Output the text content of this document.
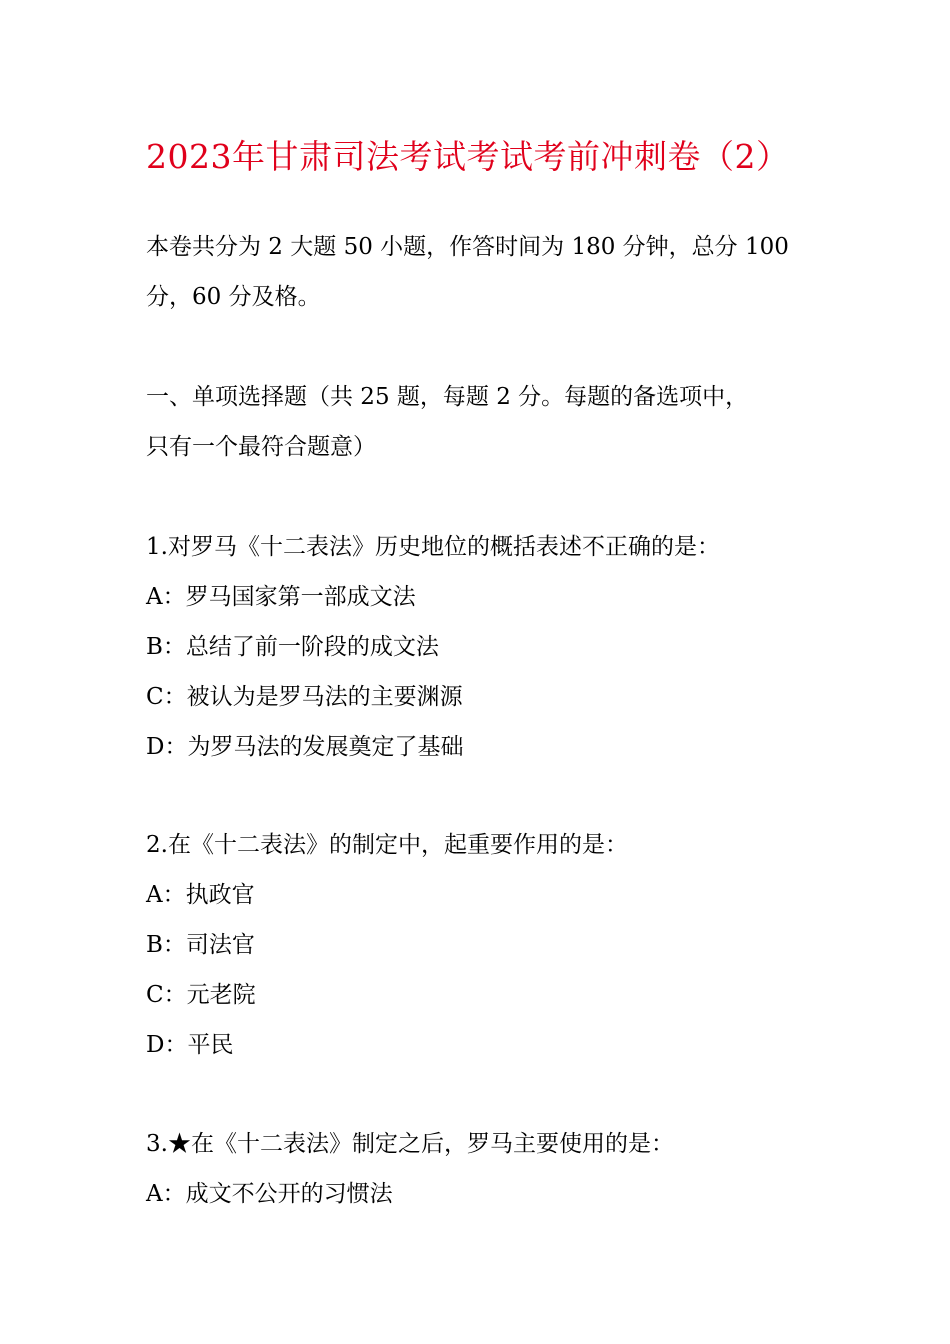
2023年甘肃司法考试考试考前冲刺卷（2）
本卷共分为 2 大题 50 小题，作答时间为 180 分钟，总分 100
分，60 分及格。
一、单项选择题（共 25 题，每题 2 分。每题的备选项中，
只有一个最符合题意）
1.对罗马《十二表法》历史地位的概括表述不正确的是：
A：罗马国家第一部成文法
B：总结了前一阶段的成文法
C：被认为是罗马法的主要渊源
D：为罗马法的发展奠定了基础
2.在《十二表法》的制定中，起重要作用的是：
A：执政官
B：司法官
C：元老院
D：平民
3.★在《十二表法》制定之后，罗马主要使用的是：
A：成文不公开的习惯法
